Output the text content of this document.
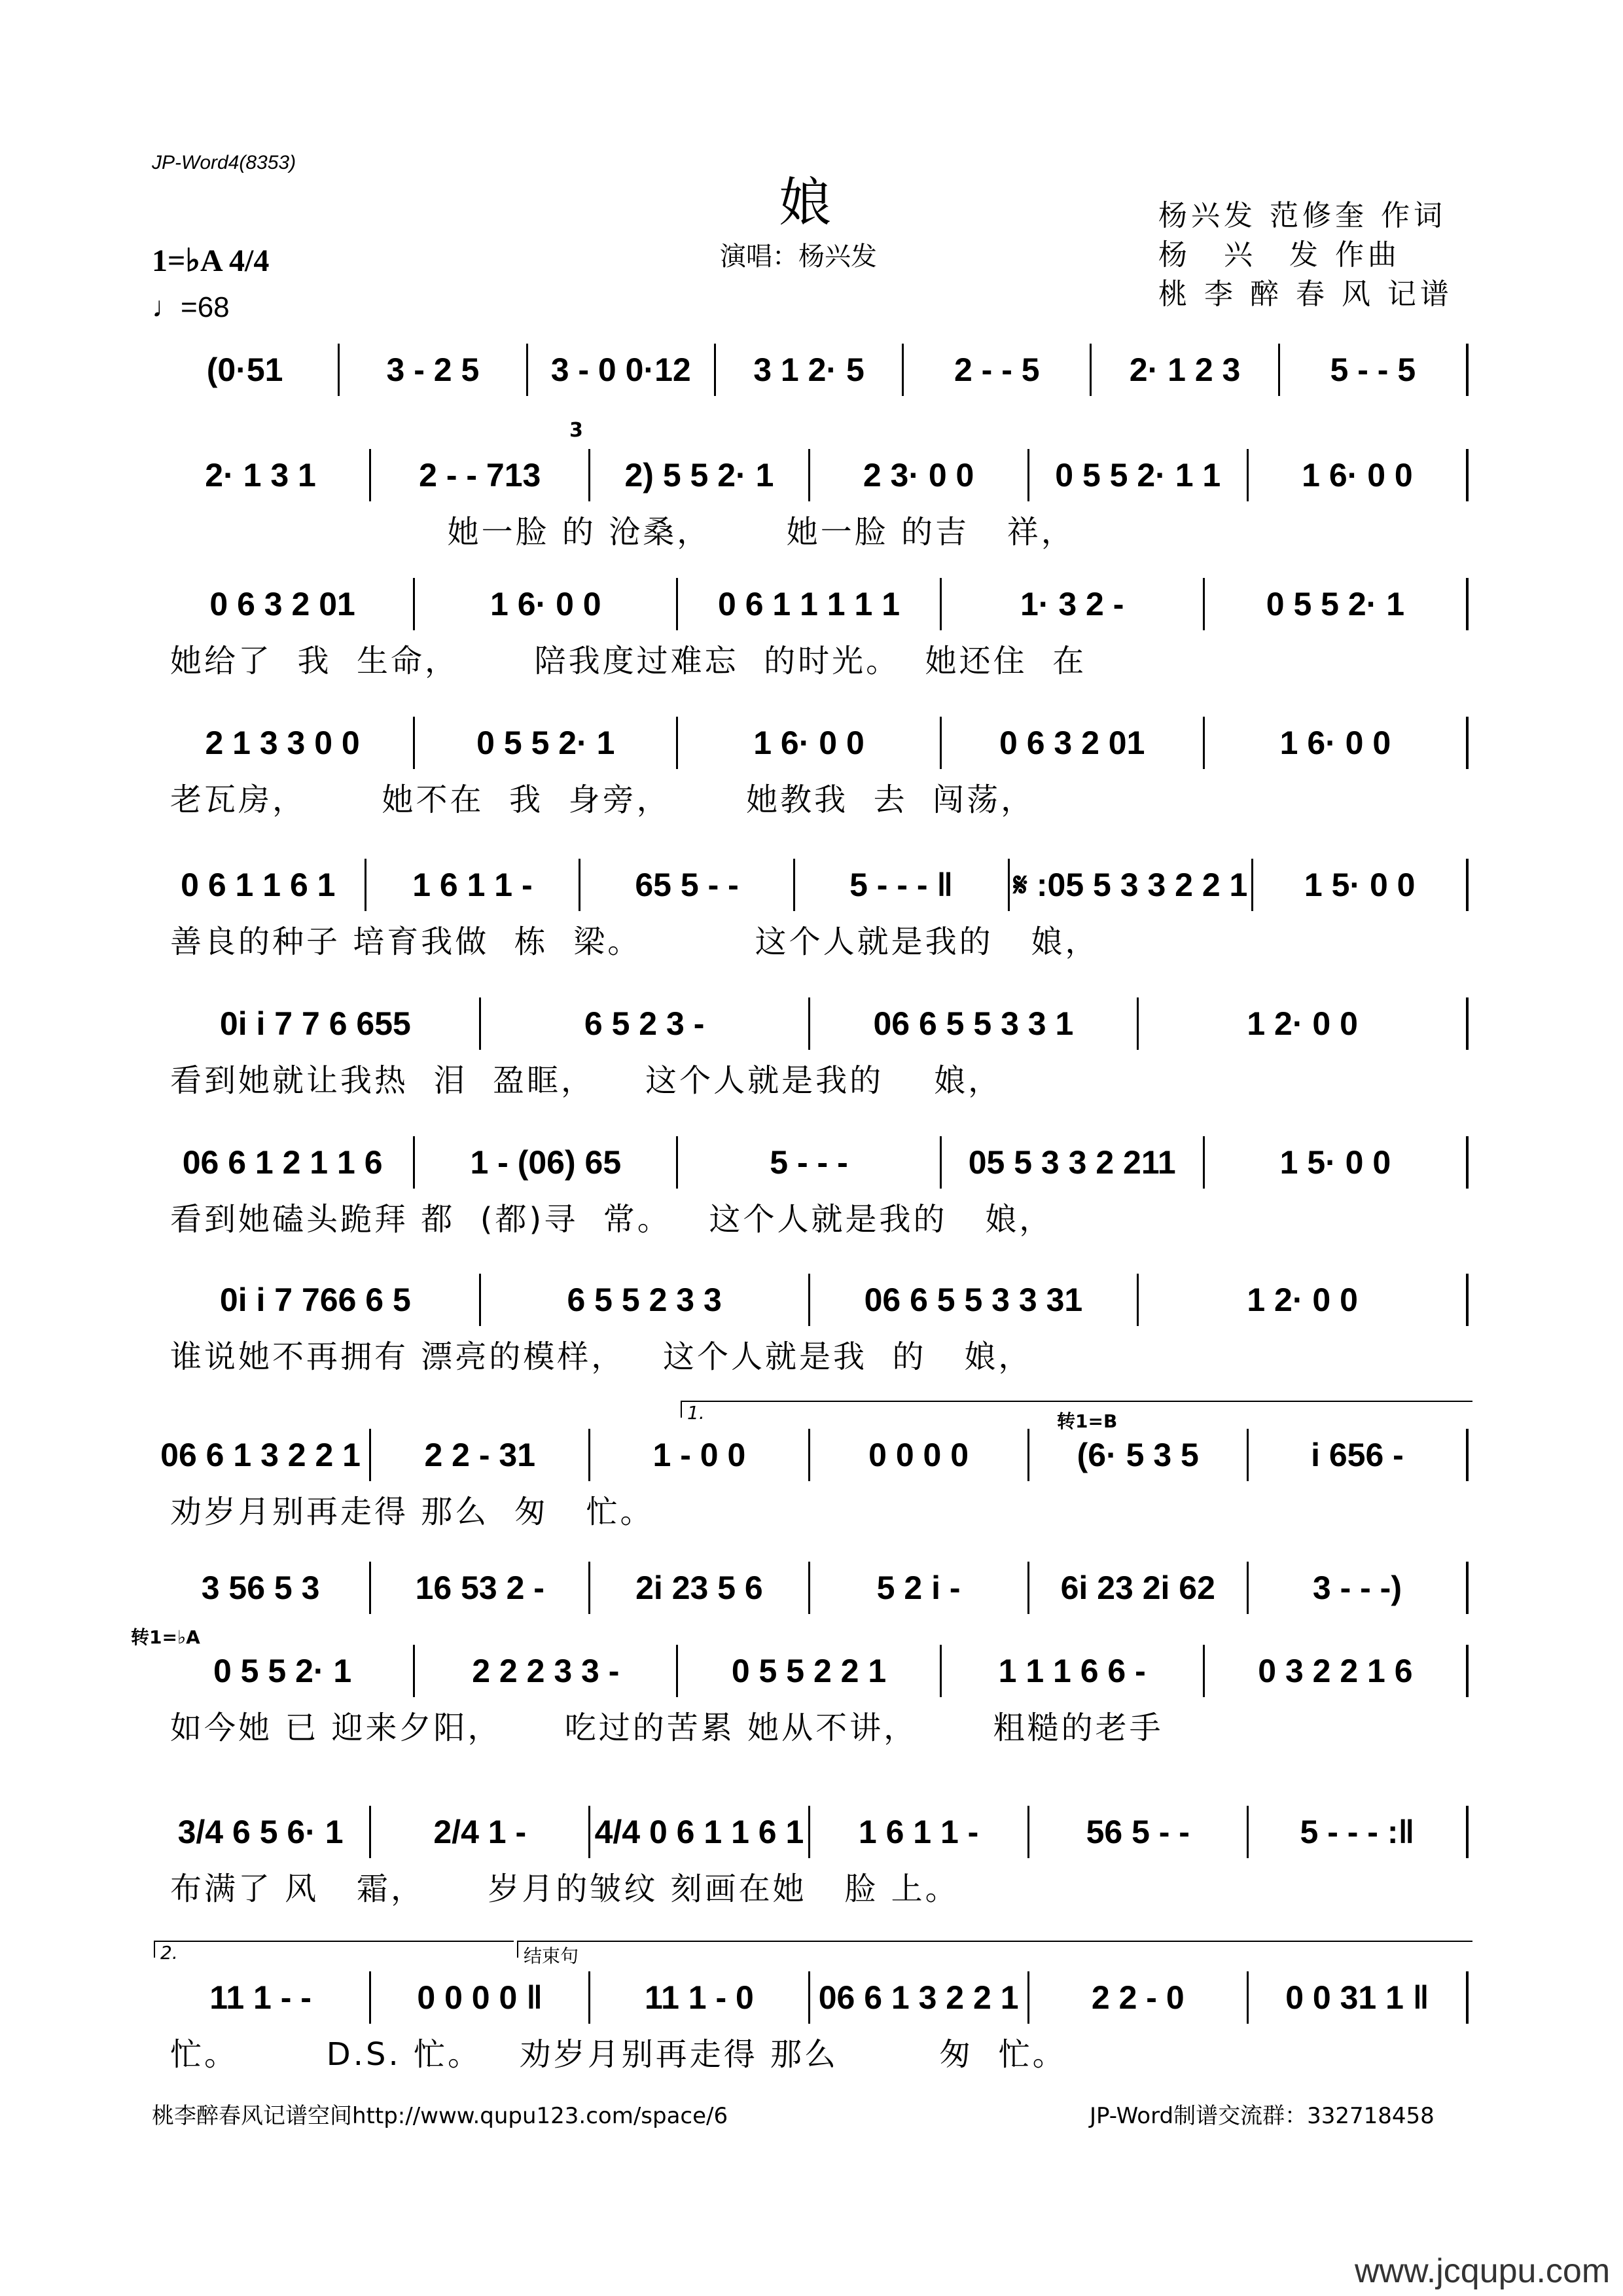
JP-Word4(8353)
娘
演唱：杨兴发
杨兴发 范修奎 作词
杨　兴　发 作曲
桃 李 醉 春 风 记谱
1=♭A 4/4
♩=68
3
1.	转1=B
转1=♭A
2.	结束句
(0·51	3 - 2 5	3 - 0 0·12	3 1 2· 5	2 - - 5	2· 1 2 3	5 - - 5
2· 1 3 1	2 - - 713	2) 5 5 2· 1	2 3· 0 0	0 5 5 2· 1 1	1 6· 0 0
她一脸 的 沧桑，      她一脸 的吉   祥，
0 6 3 2 01	1 6· 0 0	0 6 1 1 1 1 1	1· 3 2 -	0 5 5 2· 1
她给了  我  生命，      陪我度过难忘  的时光。  她还住  在
2 1 3 3 0 0	0 5 5 2· 1	1 6· 0 0	0 6 3 2 01	1 6· 0 0
老瓦房，      她不在  我  身旁，      她教我  去  闯荡，
0 6 1 1 6 1	1 6 1 1 -	65 5 - -	5 - - - ‖	𝄋 :05 5 3 3 2 2 1	1 5· 0 0
善良的种子 培育我做  栋  梁。         这个人就是我的   娘，
0i i 7 7 6 655	6 5 2 3 -	06 6 5 5 3 3 1	1 2· 0 0
看到她就让我热  泪  盈眶，    这个人就是我的    娘，
06 6 1 2 1 1 6	1 - (06) 65	5 - - -	05 5 3 3 2 211	1 5· 0 0
看到她磕头跪拜 都  (都)寻  常。   这个人就是我的   娘，
0i i 7 766 6 5	6 5 5 2 3 3	06 6 5 5 3 3 31	1 2· 0 0
谁说她不再拥有 漂亮的模样，   这个人就是我  的   娘，
06 6 1 3 2 2 1	2 2 - 31	1 - 0 0	0 0 0 0	(6· 5 3 5	i 656 -
劝岁月别再走得 那么  匆   忙。
3 56 5 3	16 53 2 -	2i 23 5 6	5 2 i -	6i 23 2i 62	3 - - -)
0 5 5 2· 1	2 2 2 3 3 -	0 5 5 2 2 1	1 1 1 6 6 -	0 3 2 2 1 6
如今她 已 迎来夕阳，     吃过的苦累 她从不讲，      粗糙的老手
3/4 6 5 6· 1	2/4 1 -	4/4 0 6 1 1 6 1	1 6 1 1 -	56 5 - -	5 - - - :‖
布满了 风   霜，     岁月的皱纹 刻画在她   脸 上。
11 1 - -	0 0 0 0 ‖	11 1 - 0	06 6 1 3 2 2 1	2 2 - 0	0 0 31 1 ‖
忙。       D.S. 忙。   劝岁月别再走得 那么        匆  忙。
桃李醉春风记谱空间http://www.qupu123.com/space/6	JP-Word制谱交流群：332718458
www.jcqupu.com
